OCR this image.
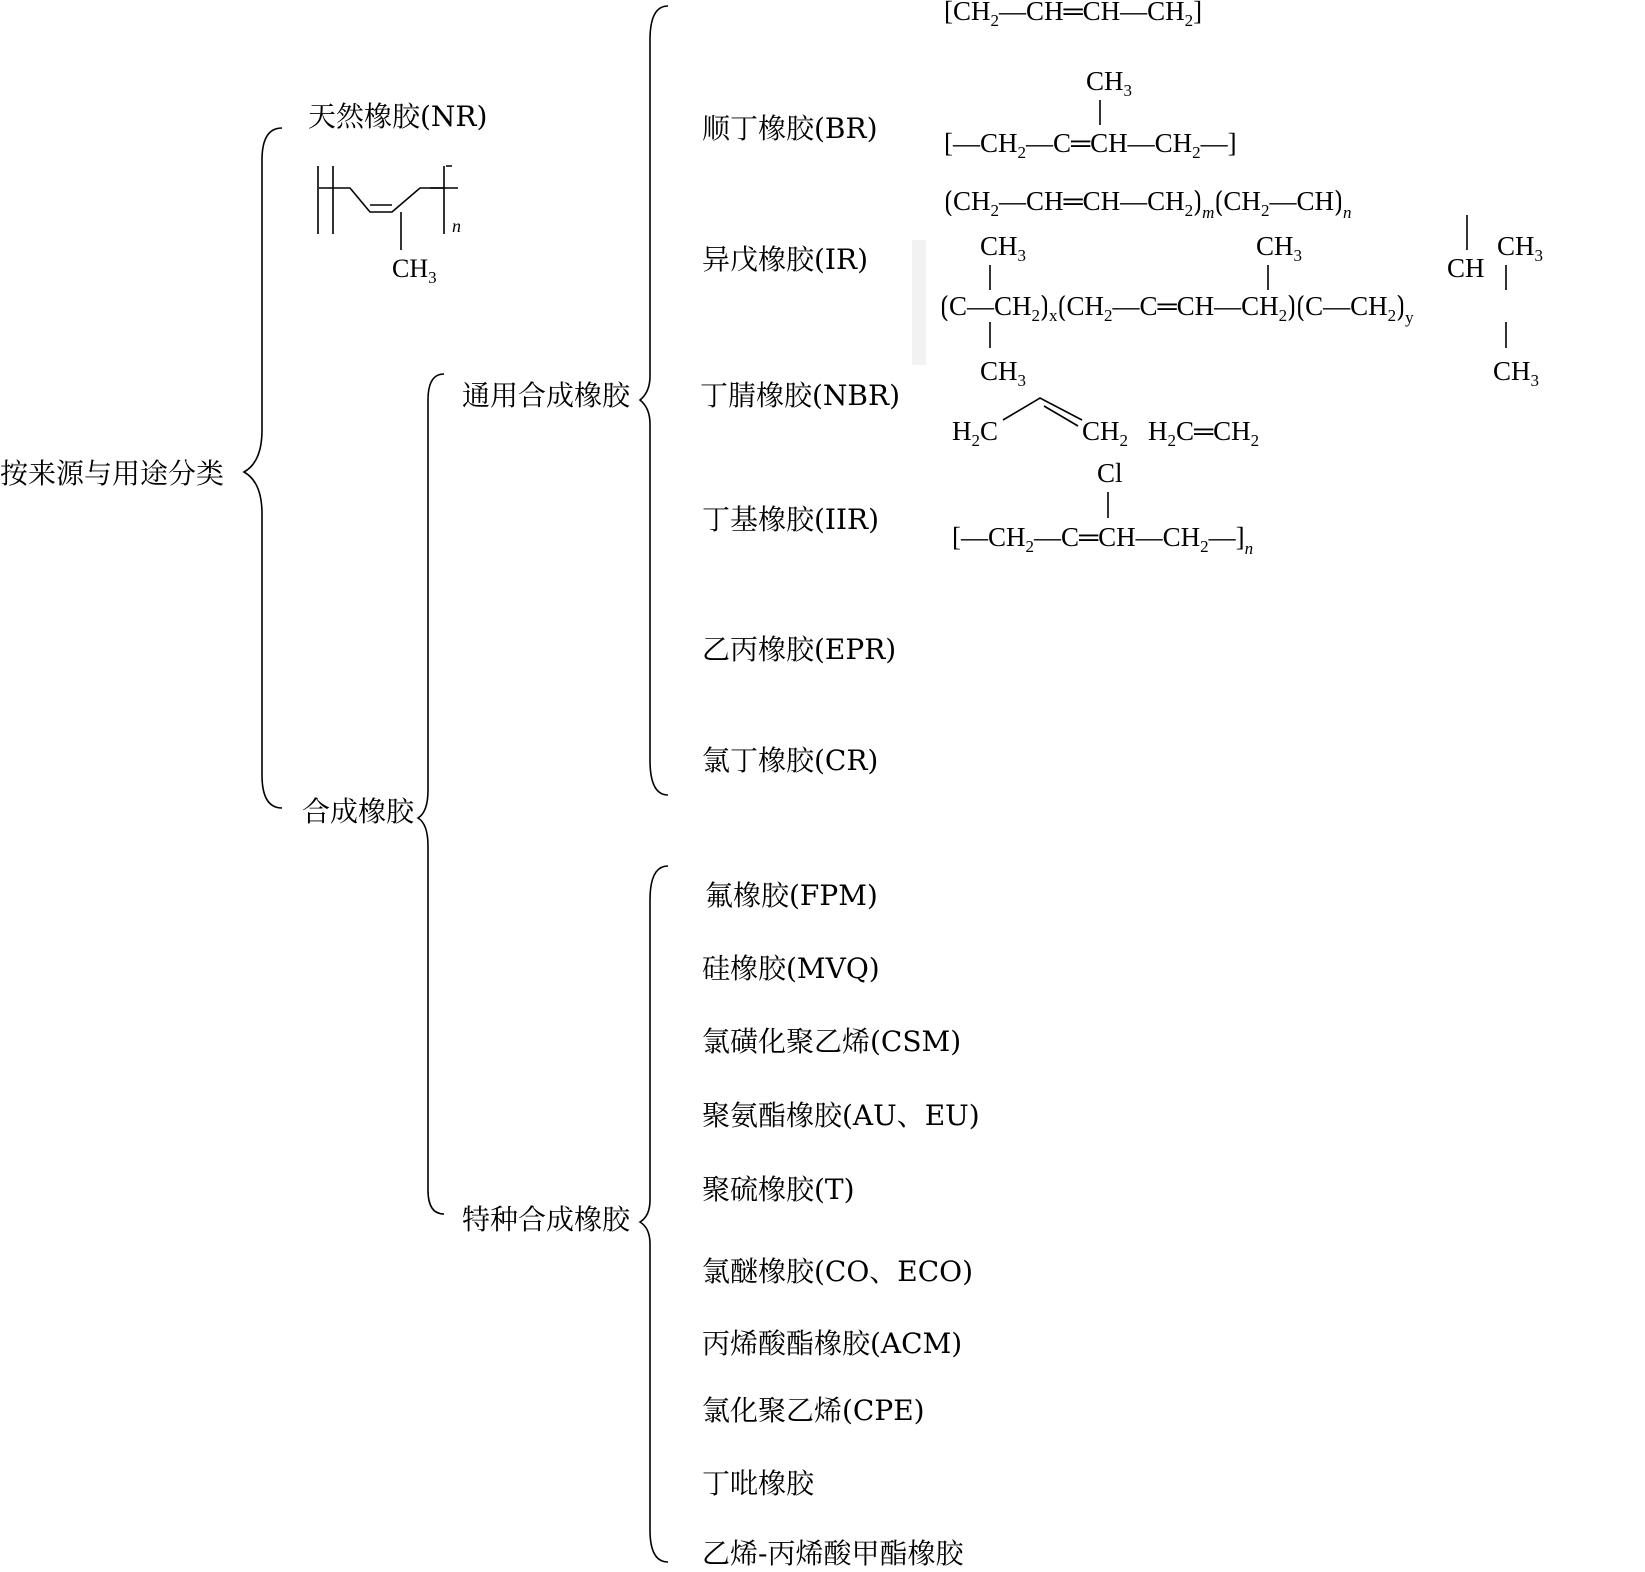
n
$CH_3$
$[CH_2—CH═CH—CH_2]$
$CH_3$
$[—CH_2—C═CH—CH_2—]$
$⟮CH_2—CH═CH—CH_2⟯_m⟮CH_2—CH⟯_n$
$CH_3$	$CH_3$	CH
$CH_3$
$⟮C—CH_2⟯_x⟮CH_2—C═CH—CH_2⟯⟮C—CH_2⟯_y$
$CH_3$	$CH_3$
$H_2C$	$CH_2$ $H_2C═CH_2$
Cl
$[—CH_2—C═CH—CH_2—]_n$
按来源与用途分类
天然橡胶(NR)
合成橡胶
通用合成橡胶
特种合成橡胶
顺丁橡胶(BR)
异戊橡胶(IR)
丁腈橡胶(NBR)
丁基橡胶(IIR)
乙丙橡胶(EPR)
氯丁橡胶(CR)
氟橡胶(FPM)
硅橡胶(MVQ)
氯磺化聚乙烯(CSM)
聚氨酯橡胶(AU、EU)
聚硫橡胶(T)
氯醚橡胶(CO、ECO)
丙烯酸酯橡胶(ACM)
氯化聚乙烯(CPE)
丁吡橡胶
乙烯-丙烯酸甲酯橡胶
